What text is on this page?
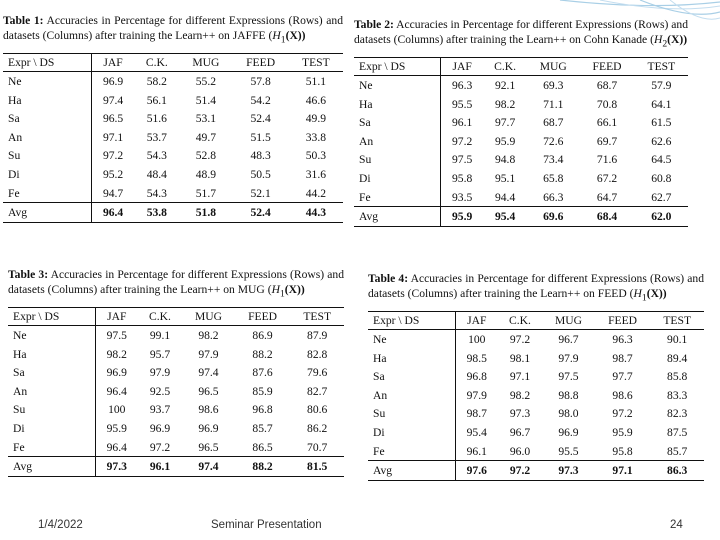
Table 1: Accuracies in Percentage for different Expressions (Rows) and datasets (Columns) after training the Learn++ on JAFFE $(H_1(X))$

Expr \ DS	JAF	C.K.	MUG	FEED	TEST
Ne	96.9	58.2	55.2	57.8	51.1
Ha	97.4	56.1	51.4	54.2	46.6
Sa	96.5	51.6	53.1	52.4	49.9
An	97.1	53.7	49.7	51.5	33.8
Su	97.2	54.3	52.8	48.3	50.3
Di	95.2	48.4	48.9	50.5	31.6
Fe	94.7	54.3	51.7	52.1	44.2
Avg	96.4	53.8	51.8	52.4	44.3

Table 2: Accuracies in Percentage for different Expressions (Rows) and datasets (Columns) after training the Learn++ on Cohn Kanade $(H_2(X))$

Expr \ DS	JAF	C.K.	MUG	FEED	TEST
Ne	96.3	92.1	69.3	68.7	57.9
Ha	95.5	98.2	71.1	70.8	64.1
Sa	96.1	97.7	68.7	66.1	61.5
An	97.2	95.9	72.6	69.7	62.6
Su	97.5	94.8	73.4	71.6	64.5
Di	95.8	95.1	65.8	67.2	60.8
Fe	93.5	94.4	66.3	64.7	62.7
Avg	95.9	95.4	69.6	68.4	62.0

Table 3: Accuracies in Percentage for different Expressions (Rows) and datasets (Columns) after training the Learn++ on MUG $(H_1(X))$

Expr \ DS	JAF	C.K.	MUG	FEED	TEST
Ne	97.5	99.1	98.2	86.9	87.9
Ha	98.2	95.7	97.9	88.2	82.8
Sa	96.9	97.9	97.4	87.6	79.6
An	96.4	92.5	96.5	85.9	82.7
Su	100	93.7	98.6	96.8	80.6
Di	95.9	96.9	96.9	85.7	86.2
Fe	96.4	97.2	96.5	86.5	70.7
Avg	97.3	96.1	97.4	88.2	81.5

Table 4: Accuracies in Percentage for different Expressions (Rows) and datasets (Columns) after training the Learn++ on FEED $(H_1(X))$

Expr \ DS	JAF	C.K.	MUG	FEED	TEST
Ne	100	97.2	96.7	96.3	90.1
Ha	98.5	98.1	97.9	98.7	89.4
Sa	96.8	97.1	97.5	97.7	85.8
An	97.9	98.2	98.8	98.6	83.3
Su	98.7	97.3	98.0	97.2	82.3
Di	95.4	96.7	96.9	95.9	87.5
Fe	96.1	96.0	95.5	95.8	85.7
Avg	97.6	97.2	97.3	97.1	86.3
1/4/2022	Seminar Presentation	24
